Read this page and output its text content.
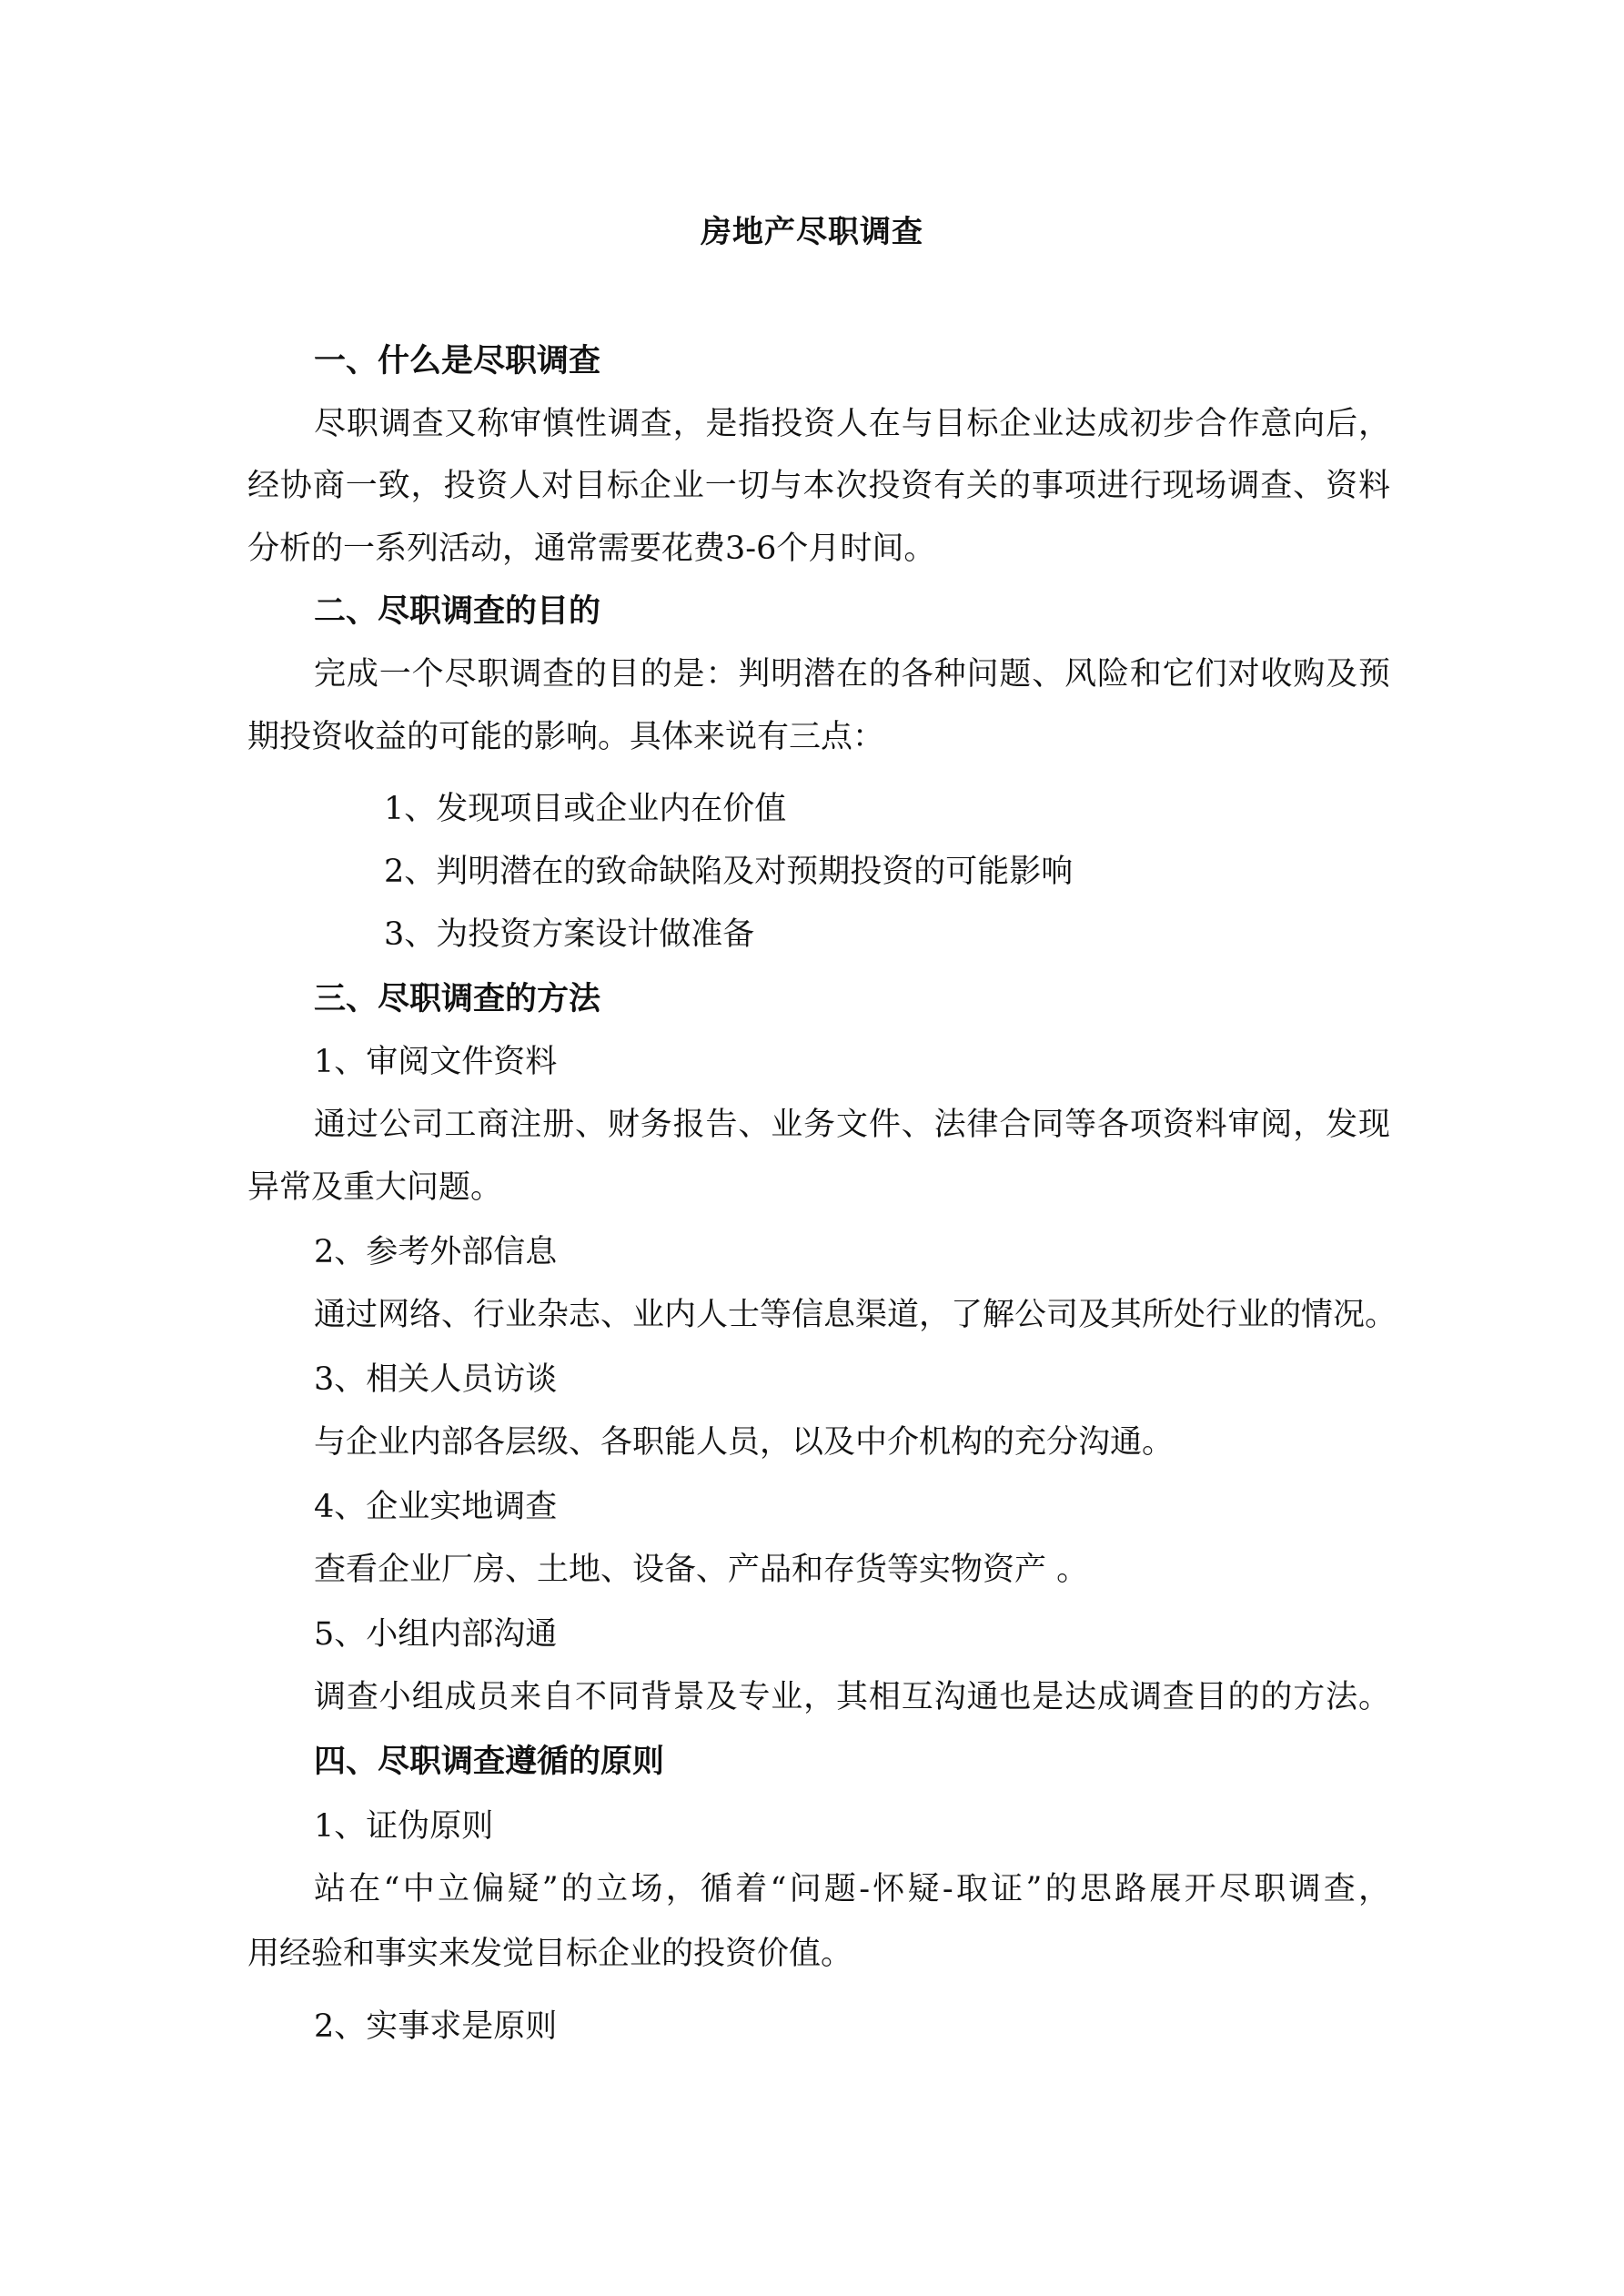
房地产尽职调查

一、什么是尽职调查

尽职调查又称审慎性调查，是指投资人在与目标企业达成初步合作意向后，

经协商一致，投资人对目标企业一切与本次投资有关的事项进行现场调查、资料

分析的一系列活动，通常需要花费3-6个月时间。

二、尽职调查的目的

完成一个尽职调查的目的是：判明潜在的各种问题、风险和它们对收购及预

期投资收益的可能的影响。具体来说有三点：

1、发现项目或企业内在价值

2、判明潜在的致命缺陷及对预期投资的可能影响

3、为投资方案设计做准备

三、尽职调查的方法

1、审阅文件资料

通过公司工商注册、财务报告、业务文件、法律合同等各项资料审阅，发现

异常及重大问题。

2、参考外部信息

通过网络、行业杂志、业内人士等信息渠道，了解公司及其所处行业的情况。

3、相关人员访谈

与企业内部各层级、各职能人员，以及中介机构的充分沟通。

4、企业实地调查

查看企业厂房、土地、设备、产品和存货等实物资产 。

5、小组内部沟通

调查小组成员来自不同背景及专业，其相互沟通也是达成调查目的的方法。

四、尽职调查遵循的原则

1、证伪原则

站在“中立偏疑”的立场，循着“问题-怀疑-取证”的思路展开尽职调查，

用经验和事实来发觉目标企业的投资价值。

2、实事求是原则
